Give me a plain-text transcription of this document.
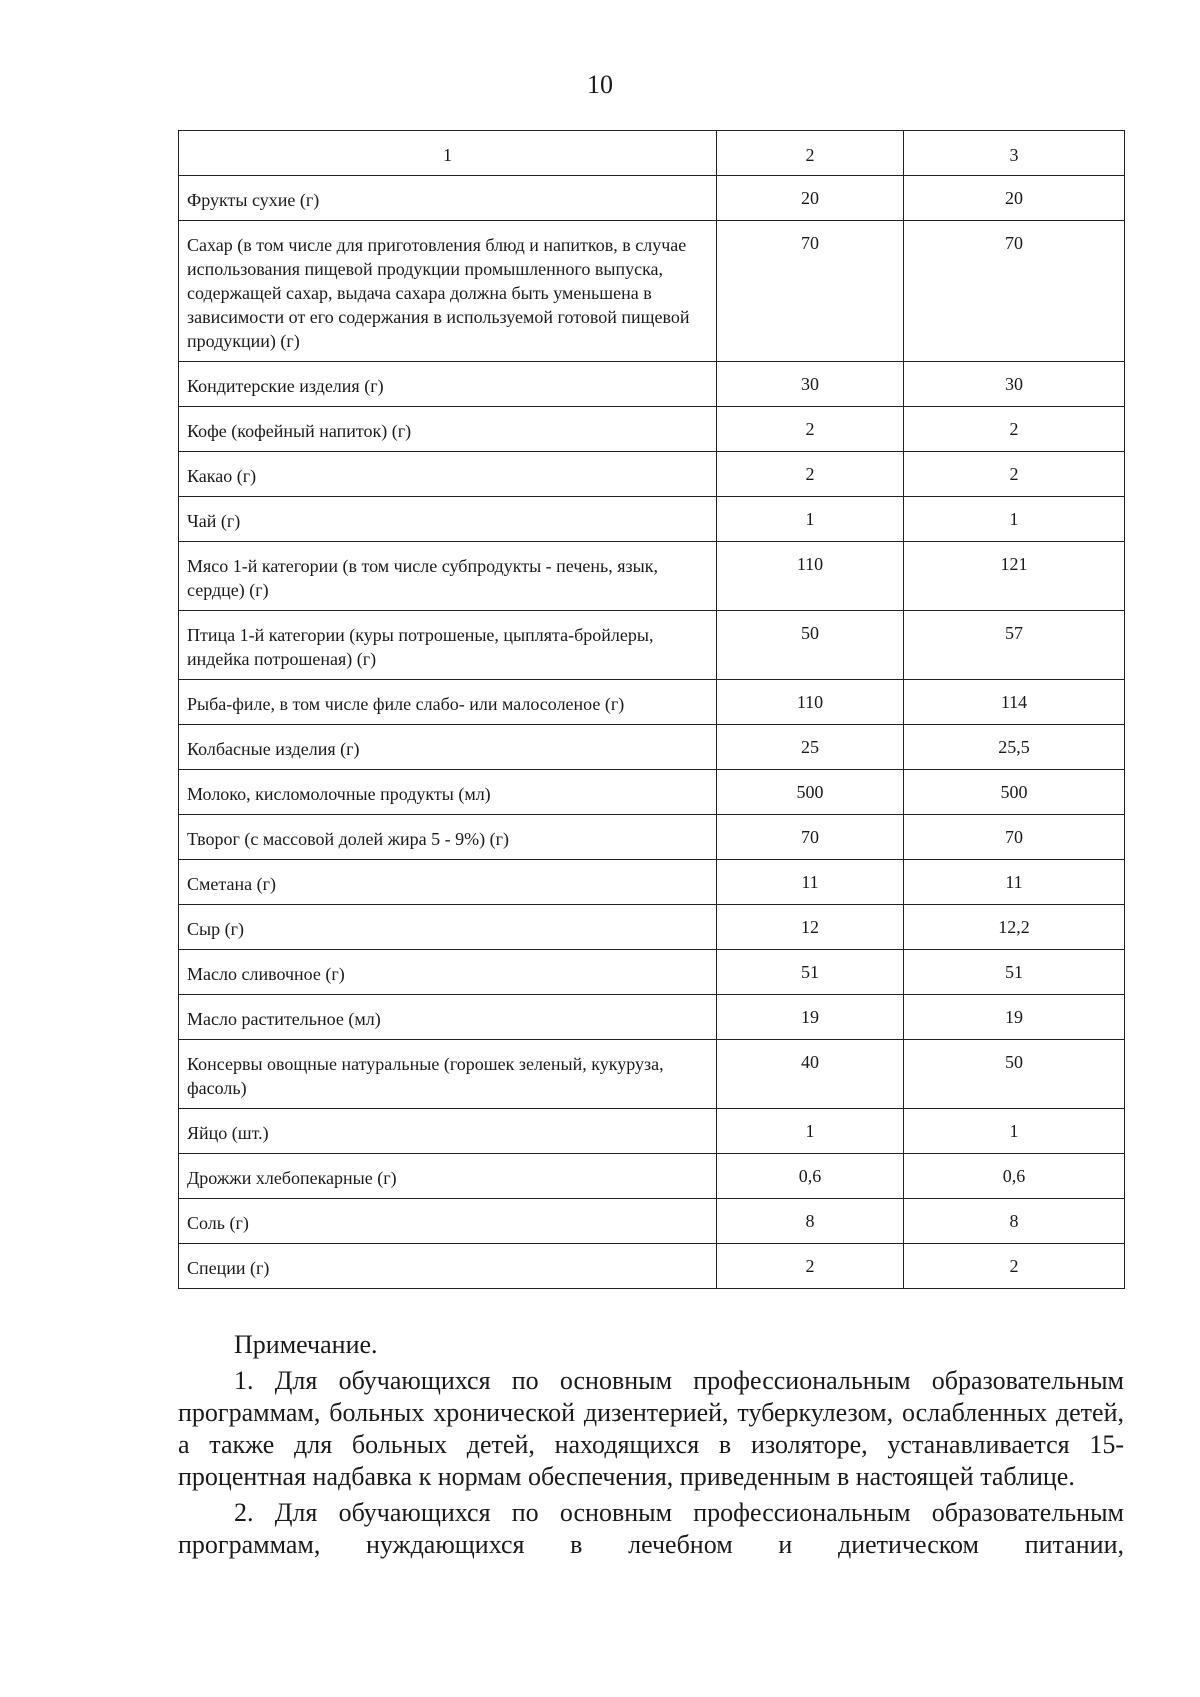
10
1	2	3
Фрукты сухие (г)	20	20
Сахар (в том числе для приготовления блюд и напитков, в случае использования пищевой продукции промышленного выпуска, содержащей сахар, выдача сахара должна быть уменьшена в зависимости от его содержания в используемой готовой пищевой продукции) (г)	70	70
Кондитерские изделия (г)	30	30
Кофе (кофейный напиток) (г)	2	2
Какао (г)	2	2
Чай (г)	1	1
Мясо 1-й категории (в том числе субпродукты - печень, язык, сердце) (г)	110	121
Птица 1-й категории (куры потрошеные, цыплята-бройлеры, индейка потрошеная) (г)	50	57
Рыба-филе, в том числе филе слабо- или малосоленое (г)	110	114
Колбасные изделия (г)	25	25,5
Молоко, кисломолочные продукты (мл)	500	500
Творог (с массовой долей жира 5 - 9%) (г)	70	70
Сметана (г)	11	11
Сыр (г)	12	12,2
Масло сливочное (г)	51	51
Масло растительное (мл)	19	19
Консервы овощные натуральные (горошек зеленый, кукуруза, фасоль)	40	50
Яйцо (шт.)	1	1
Дрожжи хлебопекарные (г)	0,6	0,6
Соль (г)	8	8
Специи (г)	2	2

Примечание.

1. Для обучающихся по основным профессиональным образовательным программам, больных хронической дизентерией, туберкулезом, ослабленных детей, а также для больных детей, находящихся в изоляторе, устанавливается 15-процентная надбавка к нормам обеспечения, приведенным в настоящей таблице.

2. Для обучающихся по основным профессиональным образовательным программам, нуждающихся в лечебном и диетическом питании,
